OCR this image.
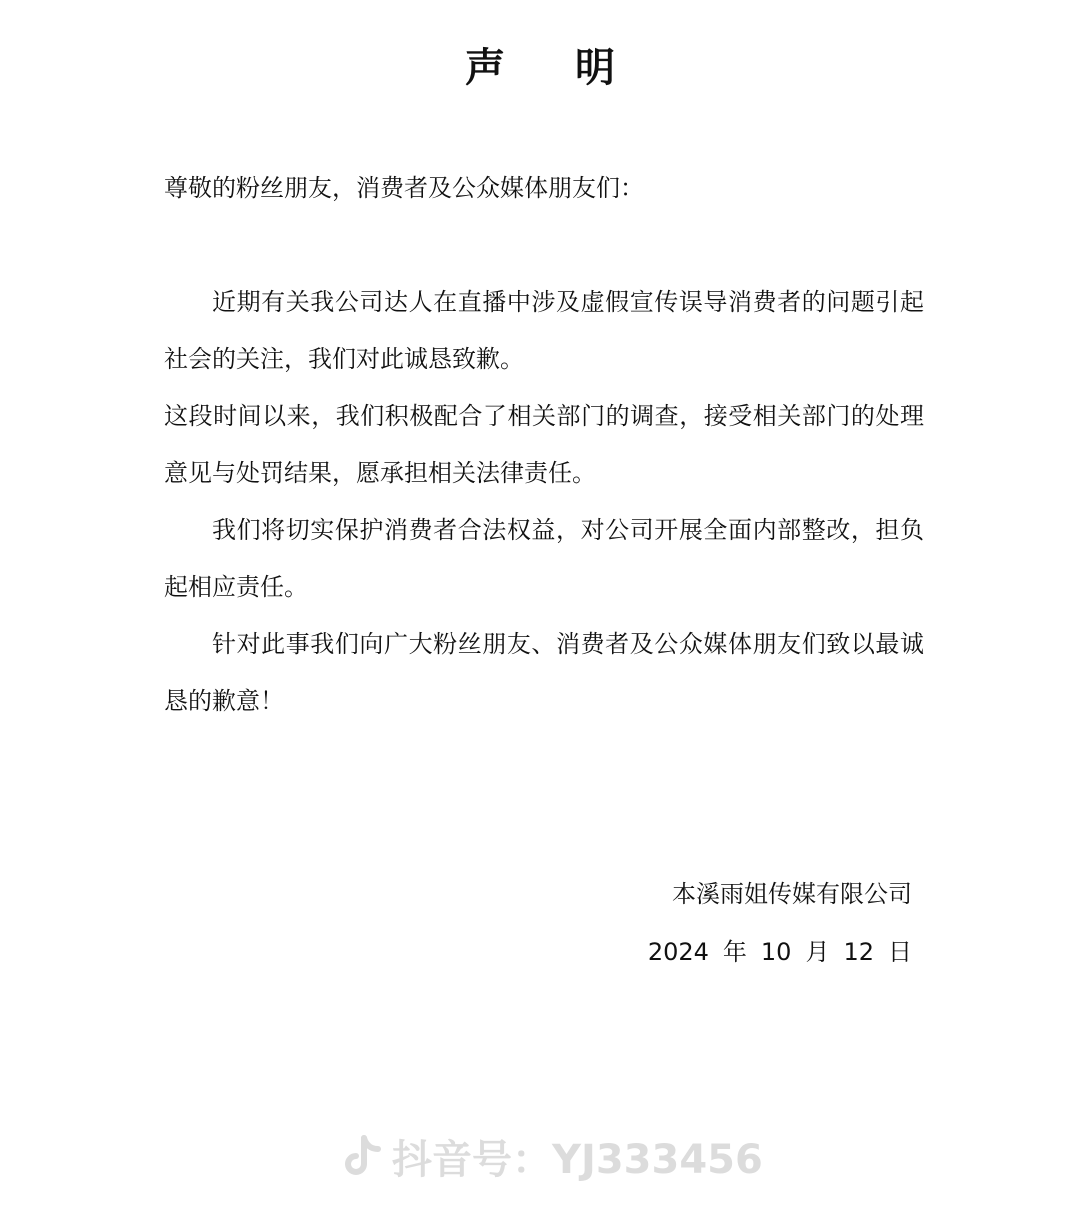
声 明
尊敬的粉丝朋友，消费者及公众媒体朋友们：

近期有关我公司达人在直播中涉及虚假宣传误导消费者的问题引起社会的关注，我们对此诚恳致歉。

这段时间以来，我们积极配合了相关部门的调查，接受相关部门的处理意见与处罚结果，愿承担相关法律责任。

我们将切实保护消费者合法权益，对公司开展全面内部整改，担负起相应责任。

针对此事我们向广大粉丝朋友、消费者及公众媒体朋友们致以最诚恳的歉意！

本溪雨姐传媒有限公司
2024 年 10 月 12 日
抖音号：YJ333456
